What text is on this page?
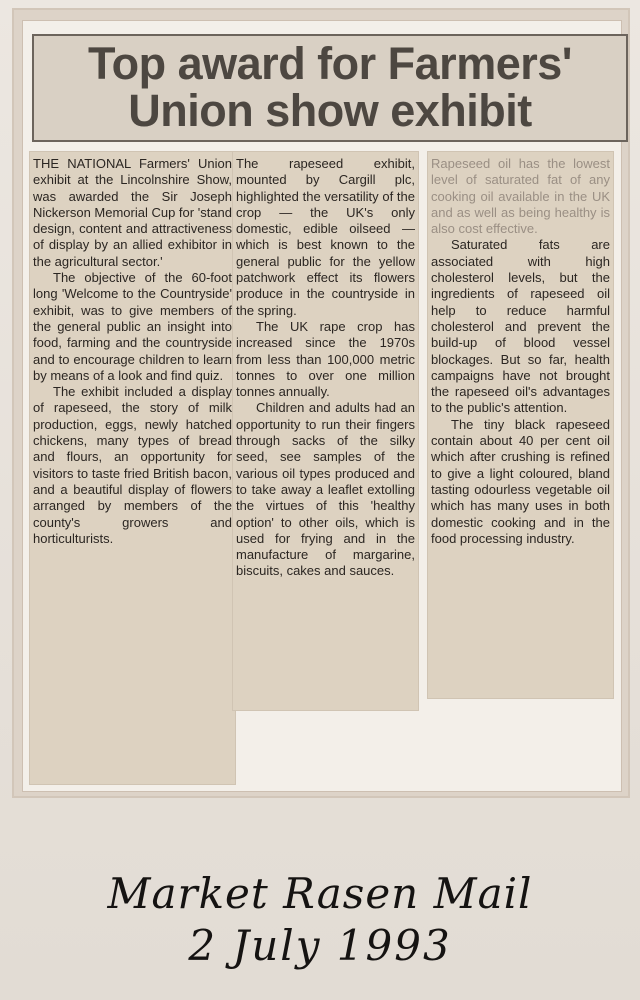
Top award for Farmers' Union show exhibit

THE NATIONAL Farmers' Union exhibit at the Lincolnshire Show, was awarded the Sir Joseph Nickerson Memorial Cup for 'stand design, content and attractiveness of display by an allied exhibitor in the agricultural sector.'

The objective of the 60-foot long 'Welcome to the Countryside' exhibit, was to give members of the general public an insight into food, farming and the countryside and to encourage children to learn by means of a look and find quiz.

The exhibit included a display of rapeseed, the story of milk production, eggs, newly hatched chickens, many types of bread and flours, an opportunity for visitors to taste fried British bacon, and a beautiful display of flowers arranged by members of the county's growers and horticulturists.

The rapeseed exhibit, mounted by Cargill plc, highlighted the versatility of the crop — the UK's only domestic, edible oilseed — which is best known to the general public for the yellow patchwork effect its flowers produce in the countryside in the spring.

The UK rape crop has increased since the 1970s from less than 100,000 metric tonnes to over one million tonnes annually.

Children and adults had an opportunity to run their fingers through sacks of the silky seed, see samples of the various oil types produced and to take away a leaflet extolling the virtues of this 'healthy option' to other oils, which is used for frying and in the manufacture of margarine, biscuits, cakes and sauces.

Rapeseed oil has the lowest level of saturated fat of any cooking oil available in the UK and as well as being healthy is also cost effective.

Saturated fats are associated with high cholesterol levels, but the ingredients of rapeseed oil help to reduce harmful cholesterol and prevent the build-up of blood vessel blockages. But so far, health campaigns have not brought the rapeseed oil's advantages to the public's attention.

The tiny black rapeseed contain about 40 per cent oil which after crushing is refined to give a light coloured, bland tasting odourless vegetable oil which has many uses in both domestic cooking and in the food processing industry.

Market Rasen Mail
2 July 1993
